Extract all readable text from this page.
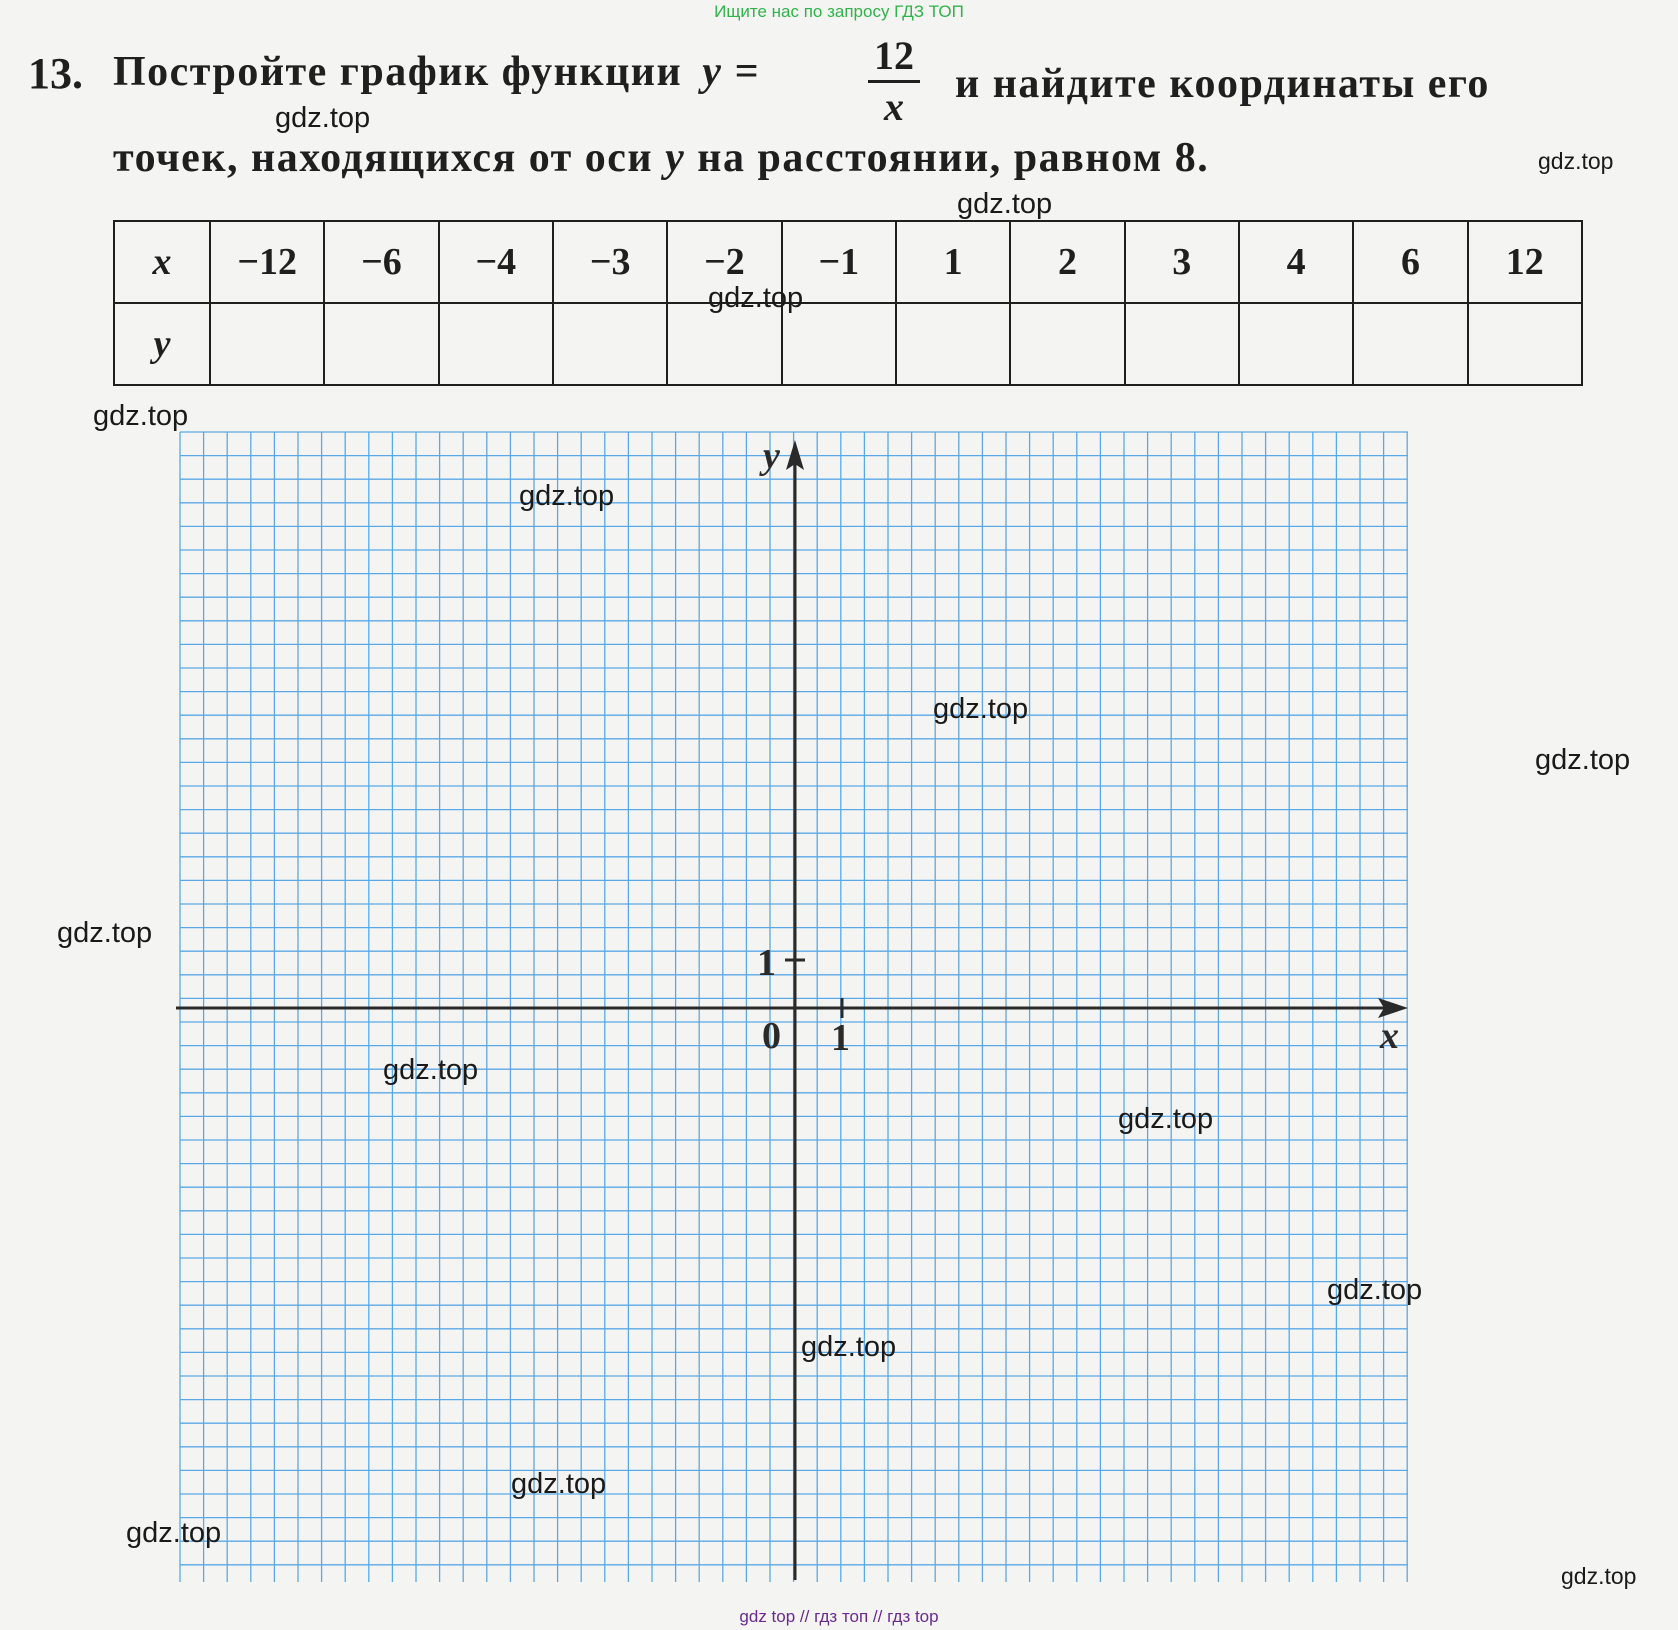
Ищите нас по запросу ГДЗ ТОП
13. Постройте график функции y =	12
x	и найдите координаты его
точек, находящихся от оси y на расстоянии, равном 8.
x	−12	−6	−4	−3	−2	−1	1	2	3	4	6	12
y												
y
x
0 1
1
gdz.top
gdz.top
gdz.top
gdz.top
gdz.top
gdz.top
gdz.top
gdz.top
gdz.top
gdz.top
gdz.top
gdz.top
gdz.top
gdz.top
gdz.top
gdz.top
gdz top // гдз топ // гдз top
